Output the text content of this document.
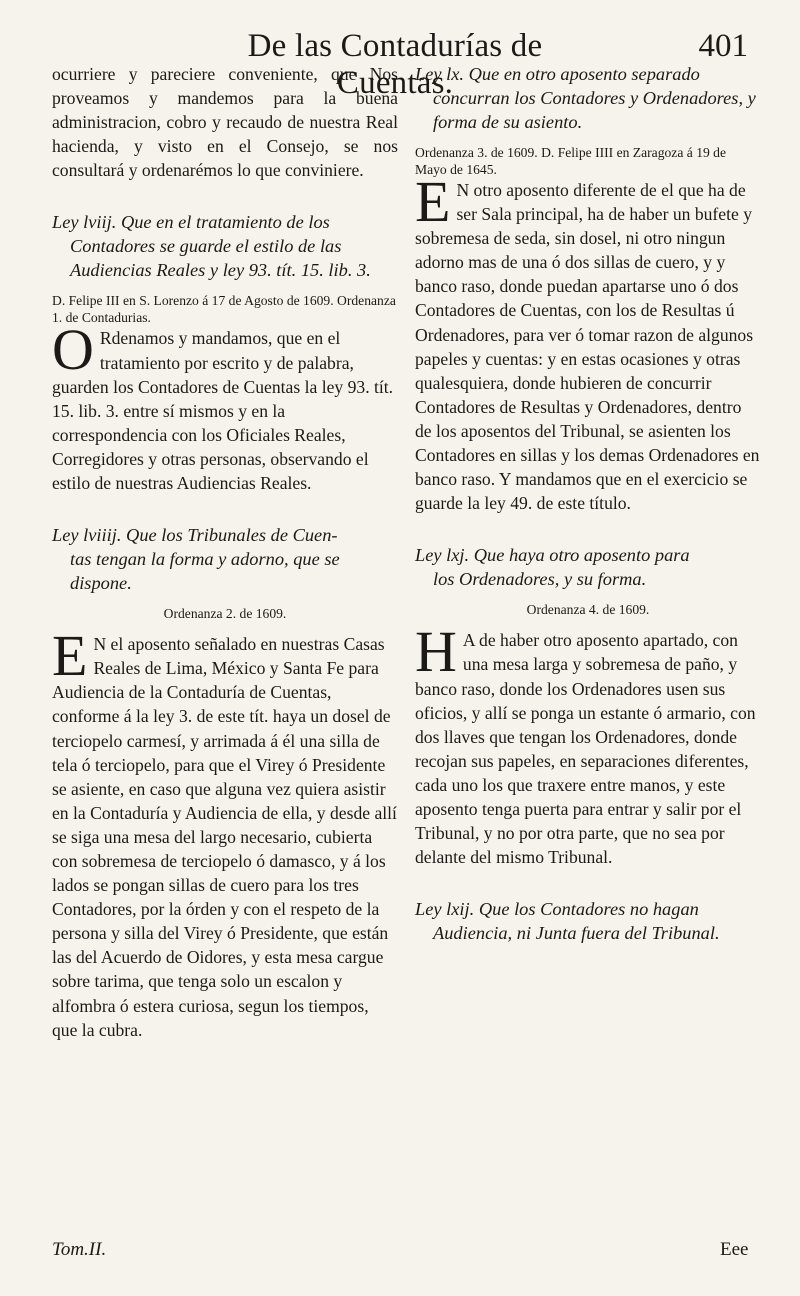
De las Contadurías de Cuentas.
401

ocurriere y pareciere conveniente, que Nos proveamos y mandemos para la buena administracion, cobro y recaudo de nuestra Real hacienda, y visto en el Consejo, se nos consultará y ordenarémos lo que conviniere.

Ley lviij. Que en el tratamiento de los
Contadores se guarde el estilo de las Audiencias Reales y ley 93. tít. 15. lib. 3.

D. Felipe III en S. Lorenzo á 17 de Agosto de 1609. Ordenanza 1. de Contadurias.

O Rdenamos y mandamos, que en el tratamiento por escrito y de palabra, guarden los Contadores de Cuentas la ley 93. tít. 15. lib. 3. entre sí mismos y en la correspondencia con los Oficiales Reales, Corregidores y otras personas, observando el estilo de nuestras Audiencias Reales.
Ley lviiij. Que los Tribunales de Cuen-
tas tengan la forma y adorno, que se dispone.

Ordenanza 2. de 1609.

E N el aposento señalado en nuestras Casas Reales de Lima, México y Santa Fe para Audiencia de la Contaduría de Cuentas, conforme á la ley 3. de este tít. haya un dosel de terciopelo carmesí, y arrimada á él una silla de tela ó terciopelo, para que el Virey ó Presidente se asiente, en caso que alguna vez quiera asistir en la Contaduría y Audiencia de ella, y desde allí se siga una mesa del largo necesario, cubierta con sobremesa de terciopelo ó damasco, y á los lados se pongan sillas de cuero para los tres Contadores, por la órden y con el respeto de la persona y silla del Virey ó Presidente, que están las del Acuerdo de Oidores, y esta mesa cargue sobre tarima, que tenga solo un escalon y alfombra ó estera curiosa, segun los tiempos, que la cubra.
Ley lx. Que en otro aposento separado
concurran los Contadores y Ordenadores, y forma de su asiento.

Ordenanza 3. de 1609. D. Felipe IIII en Zaragoza á 19 de Mayo de 1645.

E N otro aposento diferente de el que ha de ser Sala principal, ha de haber un bufete y sobremesa de seda, sin dosel, ni otro ningun adorno mas de una ó dos sillas de cuero, y y banco raso, donde puedan apartarse uno ó dos Contadores de Cuentas, con los de Resultas ú Ordenadores, para ver ó tomar razon de algunos papeles y cuentas: y en estas ocasiones y otras qualesquiera, donde hubieren de concurrir Contadores de Resultas y Ordenadores, dentro de los aposentos del Tribunal, se asienten los Contadores en sillas y los demas Ordenadores en banco raso. Y mandamos que en el exercicio se guarde la ley 49. de este título.
Ley lxj. Que haya otro aposento para
los Ordenadores, y su forma.

Ordenanza 4. de 1609.

H A de haber otro aposento apartado, con una mesa larga y sobremesa de paño, y banco raso, donde los Ordenadores usen sus oficios, y allí se ponga un estante ó armario, con dos llaves que tengan los Ordenadores, donde recojan sus papeles, en separaciones diferentes, cada uno los que traxere entre manos, y este aposento tenga puerta para entrar y salir por el Tribunal, y no por otra parte, que no sea por delante del mismo Tribunal.
Ley lxij. Que los Contadores no hagan
Audiencia, ni Junta fuera del Tribunal.
Tom.II.	Eee
